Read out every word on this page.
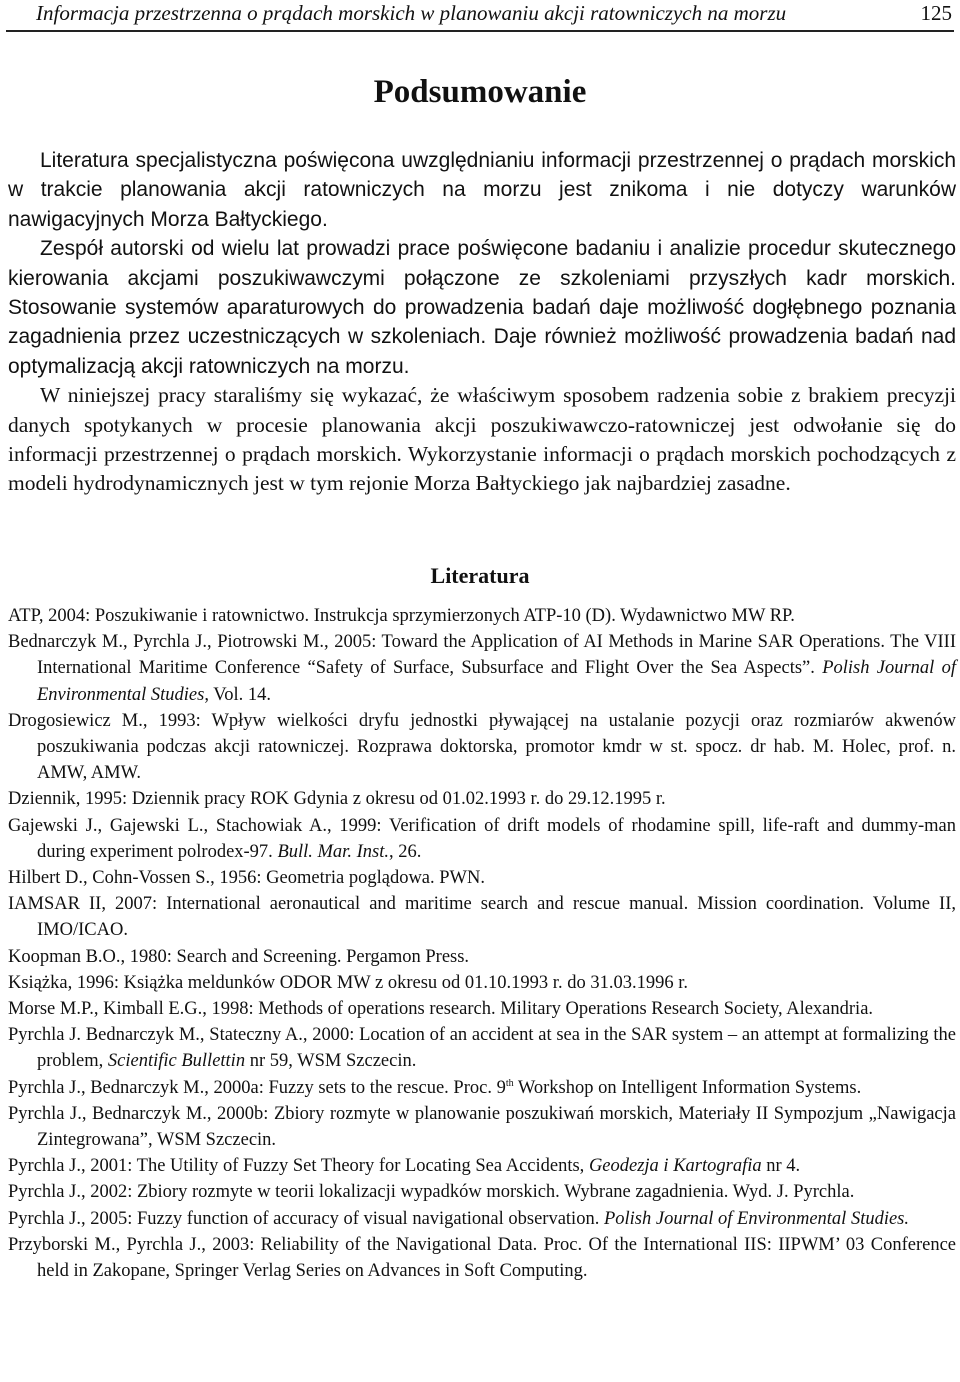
Informacja przestrzenna o prądach morskich w planowaniu akcji ratowniczych na morzu	125
Podsumowanie

Literatura specjalistyczna poświęcona uwzględnianiu informacji przestrzennej o prądach morskich w trakcie planowania akcji ratowniczych na morzu jest znikoma i nie dotyczy warunków nawigacyjnych Morza Bałtyckiego.

Zespół autorski od wielu lat prowadzi prace poświęcone badaniu i analizie procedur skutecznego kierowania akcjami poszukiwawczymi połączone ze szkoleniami przyszłych kadr morskich. Stosowanie systemów aparaturowych do prowadzenia badań daje możliwość dogłębnego poznania zagadnienia przez uczestniczących w szkoleniach. Daje również możliwość prowadzenia badań nad optymalizacją akcji ratowniczych na morzu.

W niniejszej pracy staraliśmy się wykazać, że właściwym sposobem radzenia sobie z brakiem precyzji danych spotykanych w procesie planowania akcji poszukiwawczo-ratowniczej jest odwołanie się do informacji przestrzennej o prądach morskich. Wykorzystanie informacji o prądach morskich pochodzących z modeli hydrodynamicznych jest w tym rejonie Morza Bałtyckiego jak najbardziej zasadne.

Literatura

ATP, 2004: Poszukiwanie i ratownictwo. Instrukcja sprzymierzonych ATP-10 (D). Wydawnictwo MW RP.

Bednarczyk M., Pyrchla J., Piotrowski M., 2005: Toward the Application of AI Methods in Marine SAR Operations. The VIII International Maritime Conference “Safety of Surface, Subsurface and Flight Over the Sea Aspects”. Polish Journal of Environmental Studies, Vol. 14.

Drogosiewicz M., 1993: Wpływ wielkości dryfu jednostki pływającej na ustalanie pozycji oraz rozmiarów akwenów poszukiwania podczas akcji ratowniczej. Rozprawa doktorska, promotor kmdr w st. spocz. dr hab. M. Holec, prof. n. AMW, AMW.

Dziennik, 1995: Dziennik pracy ROK Gdynia z okresu od 01.02.1993 r. do 29.12.1995 r.

Gajewski J., Gajewski L., Stachowiak A., 1999: Verification of drift models of rhodamine spill, life-raft and dummy-man during experiment polrodex-97. Bull. Mar. Inst., 26.

Hilbert D., Cohn-Vossen S., 1956: Geometria poglądowa. PWN.

IAMSAR II, 2007: International aeronautical and maritime search and rescue manual. Mission coordination. Volume II, IMO/ICAO.

Koopman B.O., 1980: Search and Screening. Pergamon Press.

Książka, 1996: Książka meldunków ODOR MW z okresu od 01.10.1993 r. do 31.03.1996 r.

Morse M.P., Kimball E.G., 1998: Methods of operations research. Military Operations Research Society, Alexandria.

Pyrchla J. Bednarczyk M., Stateczny A., 2000: Location of an accident at sea in the SAR system – an attempt at formalizing the problem, Scientific Bullettin nr 59, WSM Szczecin.

Pyrchla J., Bednarczyk M., 2000a: Fuzzy sets to the rescue. Proc. 9th Workshop on Intelligent Information Systems.

Pyrchla J., Bednarczyk M., 2000b: Zbiory rozmyte w planowanie poszukiwań morskich, Materiały II Sympozjum „Nawigacja Zintegrowana”, WSM Szczecin.

Pyrchla J., 2001: The Utility of Fuzzy Set Theory for Locating Sea Accidents, Geodezja i Kartografia nr 4.

Pyrchla J., 2002: Zbiory rozmyte w teorii lokalizacji wypadków morskich. Wybrane zagadnienia. Wyd. J. Pyrchla.

Pyrchla J., 2005: Fuzzy function of accuracy of visual navigational observation. Polish Journal of Environmental Studies.

Przyborski M., Pyrchla J., 2003: Reliability of the Navigational Data. Proc. Of the International IIS: IIPWM’ 03 Conference held in Zakopane, Springer Verlag Series on Advances in Soft Computing.
